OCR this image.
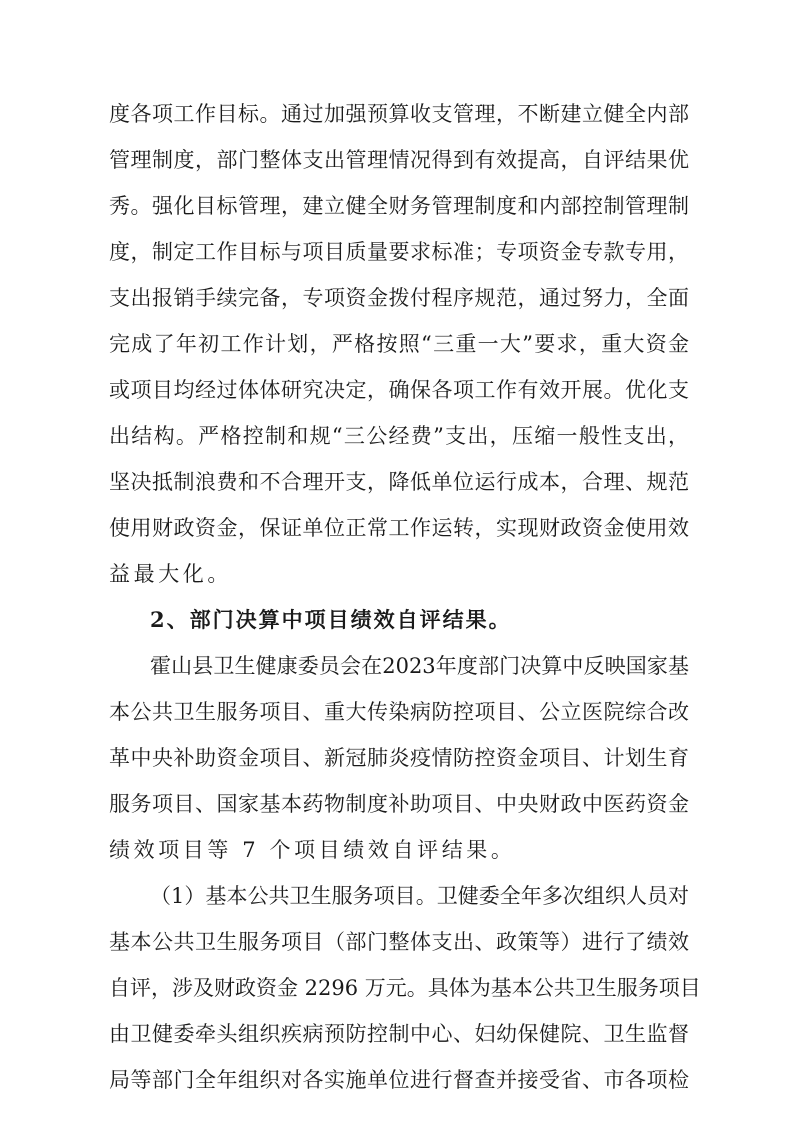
度各项工作目标。通过加强预算收支管理，不断建立健全内部
管理制度，部门整体支出管理情况得到有效提高，自评结果优
秀。强化目标管理，建立健全财务管理制度和内部控制管理制
度，制定工作目标与项目质量要求标准；专项资金专款专用，
支出报销手续完备，专项资金拨付程序规范，通过努力，全面
完成了年初工作计划，严格按照“三重一大”要求，重大资金
或项目均经过体体研究决定，确保各项工作有效开展。优化支
出结构。严格控制和规“三公经费”支出，压缩一般性支出，
坚决抵制浪费和不合理开支，降低单位运行成本，合理、规范
使用财政资金，保证单位正常工作运转，实现财政资金使用效
益最大化。
2、部门决算中项目绩效自评结果。
霍山县卫生健康委员会在2023年度部门决算中反映国家基
本公共卫生服务项目、重大传染病防控项目、公立医院综合改
革中央补助资金项目、新冠肺炎疫情防控资金项目、计划生育
服务项目、国家基本药物制度补助项目、中央财政中医药资金
绩效项目等 7 个项目绩效自评结果。
（1）基本公共卫生服务项目。卫健委全年多次组织人员对
基本公共卫生服务项目（部门整体支出、政策等）进行了绩效
自评，涉及财政资金 2296 万元。具体为基本公共卫生服务项目
由卫健委牵头组织疾病预防控制中心、妇幼保健院、卫生监督
局等部门全年组织对各实施单位进行督查并接受省、市各项检
